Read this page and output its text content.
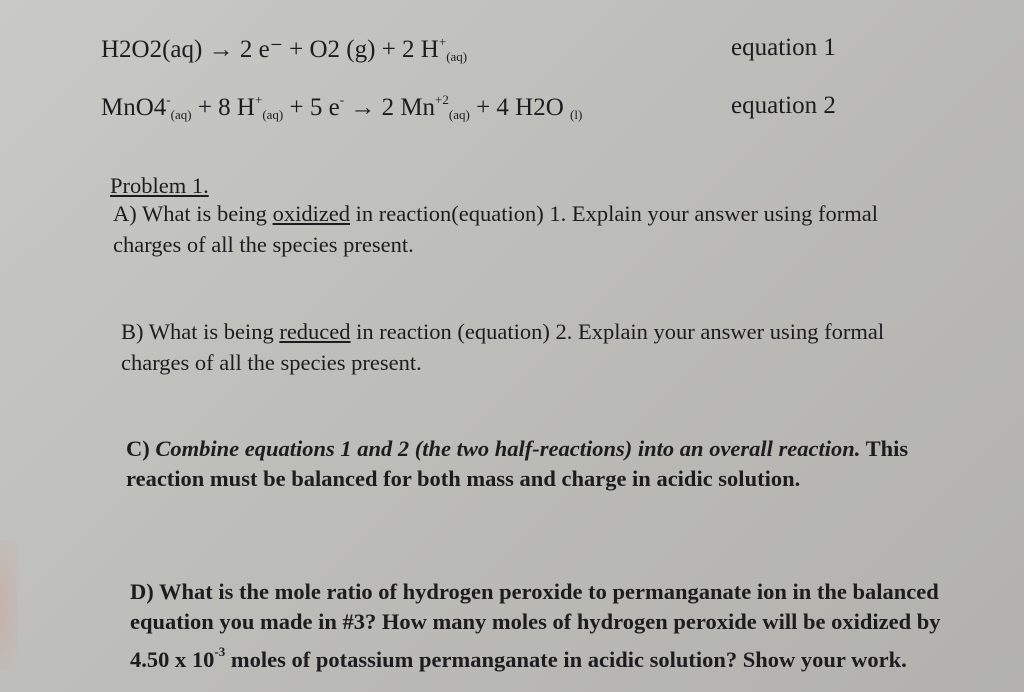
H2O2(aq) → 2 e⁻ + O2 (g) + 2 $H^+_{(aq)}$	equation 1
$MnO4^-_{(aq)} + 8$ $H^+_{(aq)} + 5$ e- → 2 $Mn^{+2}_{(aq)} + 4$ H2O $_{(l)}$	equation 2
Problem 1.
A) What is being oxidized in reaction(equation) 1. Explain your answer using formal
charges of all the species present.
B) What is being reduced in reaction (equation) 2. Explain your answer using formal
charges of all the species present.
C) Combine equations 1 and 2 (the two half-reactions) into an overall reaction. This
reaction must be balanced for both mass and charge in acidic solution.
D) What is the mole ratio of hydrogen peroxide to permanganate ion in the balanced
equation you made in #3? How many moles of hydrogen peroxide will be oxidized by
4.50 x $10^{-3}$ moles of potassium permanganate in acidic solution? Show your work.
